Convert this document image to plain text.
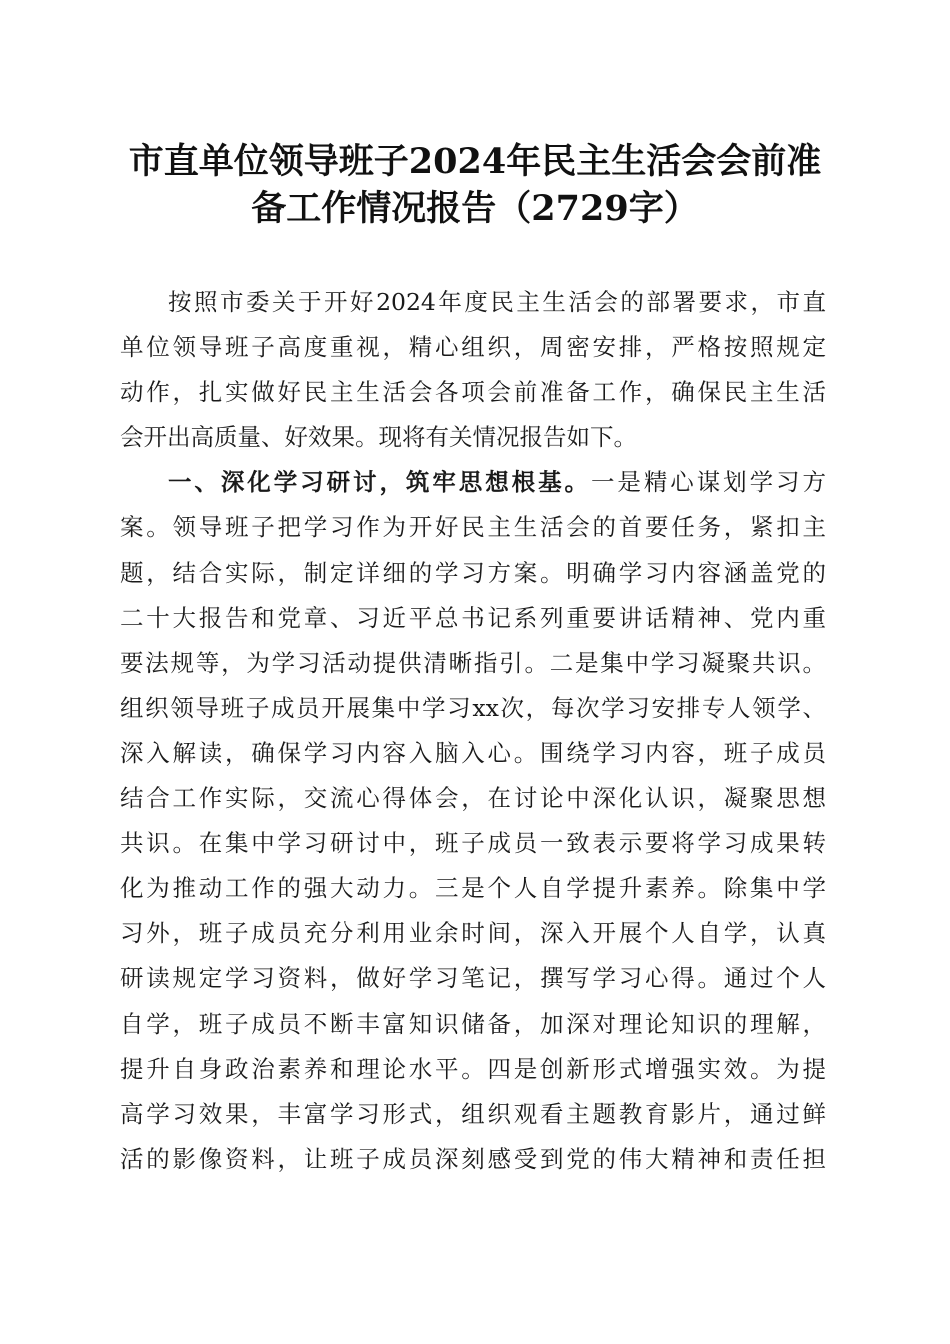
市直单位领导班子2024年民主生活会会前准
备工作情况报告（2729字）
按照市委关于开好2024年度民主生活会的部署要求，市直
单位领导班子高度重视，精心组织，周密安排，严格按照规定
动作，扎实做好民主生活会各项会前准备工作，确保民主生活
会开出高质量、好效果。现将有关情况报告如下。
一、深化学习研讨，筑牢思想根基。一是精心谋划学习方
案。领导班子把学习作为开好民主生活会的首要任务，紧扣主
题，结合实际，制定详细的学习方案。明确学习内容涵盖党的
二十大报告和党章、习近平总书记系列重要讲话精神、党内重
要法规等，为学习活动提供清晰指引。二是集中学习凝聚共识。
组织领导班子成员开展集中学习xx次，每次学习安排专人领学、
深入解读，确保学习内容入脑入心。围绕学习内容，班子成员
结合工作实际，交流心得体会，在讨论中深化认识，凝聚思想
共识。在集中学习研讨中，班子成员一致表示要将学习成果转
化为推动工作的强大动力。三是个人自学提升素养。除集中学
习外，班子成员充分利用业余时间，深入开展个人自学，认真
研读规定学习资料，做好学习笔记，撰写学习心得。通过个人
自学，班子成员不断丰富知识储备，加深对理论知识的理解，
提升自身政治素养和理论水平。四是创新形式增强实效。为提
高学习效果，丰富学习形式，组织观看主题教育影片，通过鲜
活的影像资料，让班子成员深刻感受到党的伟大精神和责任担
